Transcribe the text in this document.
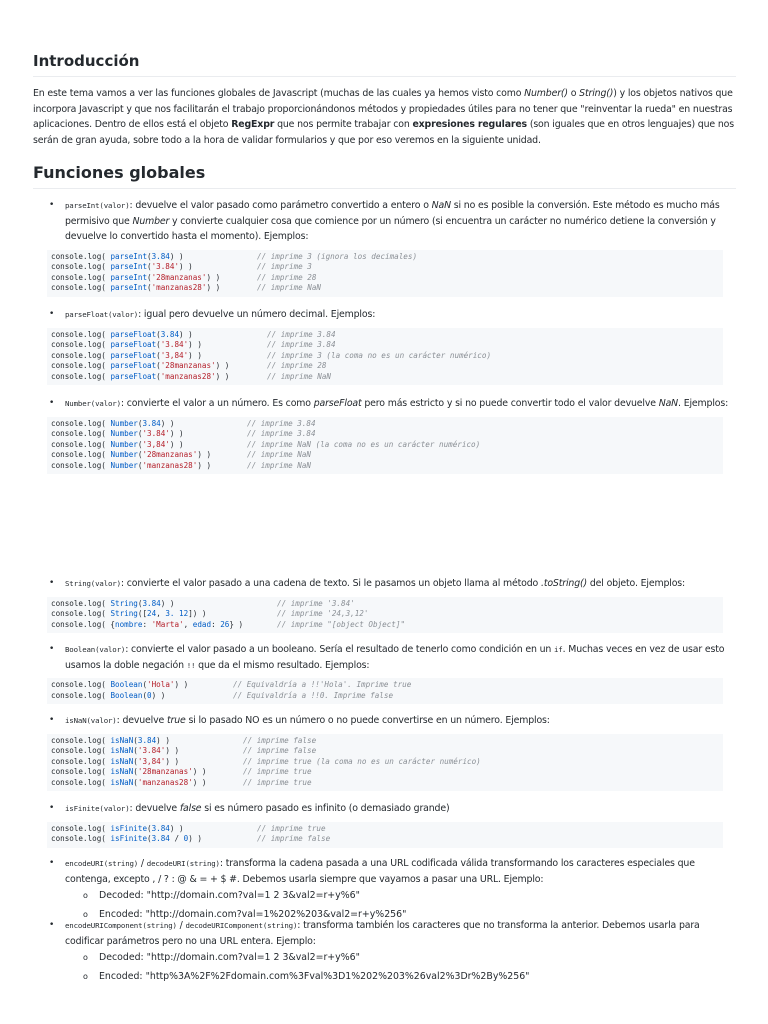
Introducción

En este tema vamos a ver las funciones globales de Javascript (muchas de las cuales ya hemos visto como Number() o String()) y los objetos nativos que incorpora Javascript y que nos facilitarán el trabajo proporcionándonos métodos y propiedades útiles para no tener que "reinventar la rueda" en nuestras aplicaciones. Dentro de ellos está el objeto RegExpr que nos permite trabajar con expresiones regulares (son iguales que en otros lenguajes) que nos serán de gran ayuda, sobre todo a la hora de validar formularios y que por eso veremos en la siguiente unidad.

Funciones globales
• parseInt(valor): devuelve el valor pasado como parámetro convertido a entero o NaN si no es posible la conversión. Este método es mucho más permisivo que Number y convierte cualquier cosa que comience por un número (si encuentra un carácter no numérico detiene la conversión y devuelve lo convertido hasta el momento). Ejemplos:
console.log( parseInt(3.84) )	// imprime 3 (ignora los decimales)
console.log( parseInt('3.84') )	// imprime 3
console.log( parseInt('28manzanas') )	// imprime 28
console.log( parseInt('manzanas28') )	// imprime NaN
• parseFloat(valor): igual pero devuelve un número decimal. Ejemplos:
console.log( parseFloat(3.84) )	// imprime 3.84
console.log( parseFloat('3.84') )	// imprime 3.84
console.log( parseFloat('3,84') )	// imprime 3 (la coma no es un carácter numérico)
console.log( parseFloat('28manzanas') )	// imprime 28
console.log( parseFloat('manzanas28') )	// imprime NaN
• Number(valor): convierte el valor a un número. Es como parseFloat pero más estricto y si no puede convertir todo el valor devuelve NaN. Ejemplos:
console.log( Number(3.84) )	// imprime 3.84
console.log( Number('3.84') )	// imprime 3.84
console.log( Number('3,84') )	// imprime NaN (la coma no es un carácter numérico)
console.log( Number('28manzanas') )	// imprime NaN
console.log( Number('manzanas28') )	// imprime NaN
• String(valor): convierte el valor pasado a una cadena de texto. Si le pasamos un objeto llama al método .toString() del objeto. Ejemplos:
console.log( String(3.84) )	// imprime '3.84'
console.log( String([24, 3. 12]) )	// imprime '24,3,12'
console.log( {nombre: 'Marta', edad: 26} )	// imprime "[object Object]"
• Boolean(valor): convierte el valor pasado a un booleano. Sería el resultado de tenerlo como condición en un if. Muchas veces en vez de usar esto usamos la doble negación !! que da el mismo resultado. Ejemplos:
console.log( Boolean('Hola') )	// Equivaldría a !!'Hola'. Imprime true
console.log( Boolean(0) )	// Equivaldría a !!0. Imprime false
• isNaN(valor): devuelve true si lo pasado NO es un número o no puede convertirse en un número. Ejemplos:
console.log( isNaN(3.84) )	// imprime false
console.log( isNaN('3.84') )	// imprime false
console.log( isNaN('3,84') )	// imprime true (la coma no es un carácter numérico)
console.log( isNaN('28manzanas') )	// imprime true
console.log( isNaN('manzanas28') )	// imprime true
• isFinite(valor): devuelve false si es número pasado es infinito (o demasiado grande)
console.log( isFinite(3.84) )	// imprime true
console.log( isFinite(3.84 / 0) )	// imprime false
• encodeURI(string) / decodeURI(string): transforma la cadena pasada a una URL codificada válida transformando los caracteres especiales que contenga, excepto , / ? : @ & = + $ #. Debemos usarla siempre que vayamos a pasar una URL. Ejemplo:
o Decoded: "http://domain.com?val=1 2 3&val2=r+y%6"
o Encoded: "http://domain.com?val=1%202%203&val2=r+y%256"
• encodeURIComponent(string) / decodeURIComponent(string): transforma también los caracteres que no transforma la anterior. Debemos usarla para codificar parámetros pero no una URL entera. Ejemplo:
o Decoded: "http://domain.com?val=1 2 3&val2=r+y%6"
o Encoded: "http%3A%2F%2Fdomain.com%3Fval%3D1%202%203%26val2%3Dr%2By%256"
